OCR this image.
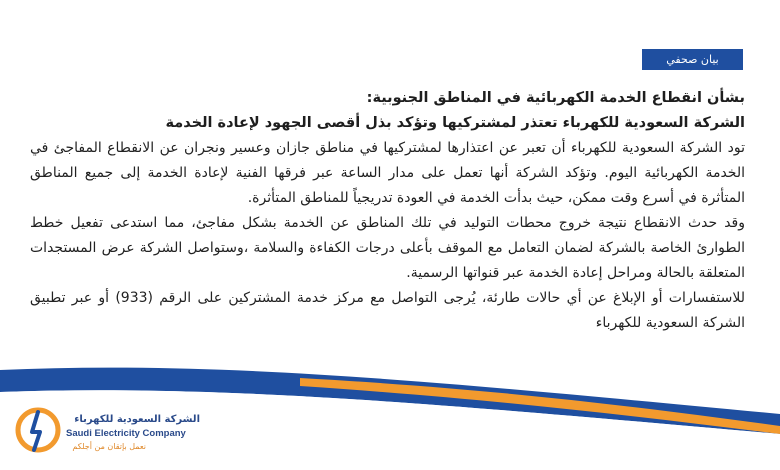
بيان صحفي

بشأن انقطاع الخدمة الكهربائية في المناطق الجنوبية:

الشركة السعودية للكهرباء تعتذر لمشتركيها وتؤكد بذل أقصى الجهود لإعادة الخدمة

تود الشركة السعودية للكهرباء أن تعبر عن اعتذارها لمشتركيها في مناطق جازان وعسير ونجران عن الانقطاع المفاجئ في الخدمة الكهربائية اليوم. وتؤكد الشركة أنها تعمل على مدار الساعة عبر فرقها الفنية لإعادة الخدمة إلى جميع المناطق المتأثرة في أسرع وقت ممكن، حيث بدأت الخدمة في العودة تدريجياً للمناطق المتأثرة.

وقد حدث الانقطاع نتيجة خروج محطات التوليد في تلك المناطق عن الخدمة بشكل مفاجئ، مما استدعى تفعيل خطط الطوارئ الخاصة بالشركة لضمان التعامل مع الموقف بأعلى درجات الكفاءة والسلامة ،وستواصل الشركة عرض المستجدات المتعلقة بالحالة ومراحل إعادة الخدمة عبر قنواتها الرسمية.

للاستفسارات أو الإبلاغ عن أي حالات طارئة، يُرجى التواصل مع مركز خدمة المشتركين على الرقم (933) أو عبر تطبيق الشركة السعودية للكهرباء

الشركة السعودية للكهرباء
Saudi Electricity Company
نعمل بإتقان من أجلكم
